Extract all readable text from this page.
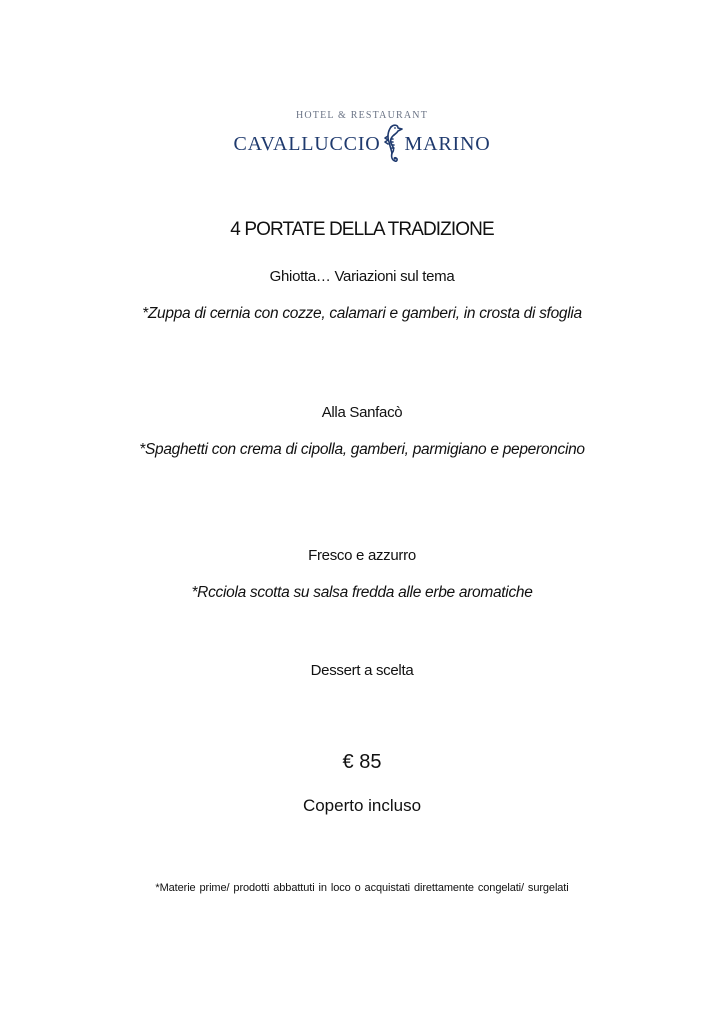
HOTEL & RESTAURANT
CAVALLUCCIO MARINO
4 PORTATE DELLA TRADIZIONE
Ghiotta… Variazioni sul tema
*Zuppa di cernia con cozze, calamari e gamberi, in crosta di sfoglia
Alla Sanfacò
*Spaghetti con crema di cipolla, gamberi, parmigiano e peperoncino
Fresco e azzurro
*Rcciola scotta su salsa fredda alle erbe aromatiche
Dessert a scelta
€ 85
Coperto incluso
*Materie prime/ prodotti abbattuti in loco o acquistati direttamente congelati/ surgelati
